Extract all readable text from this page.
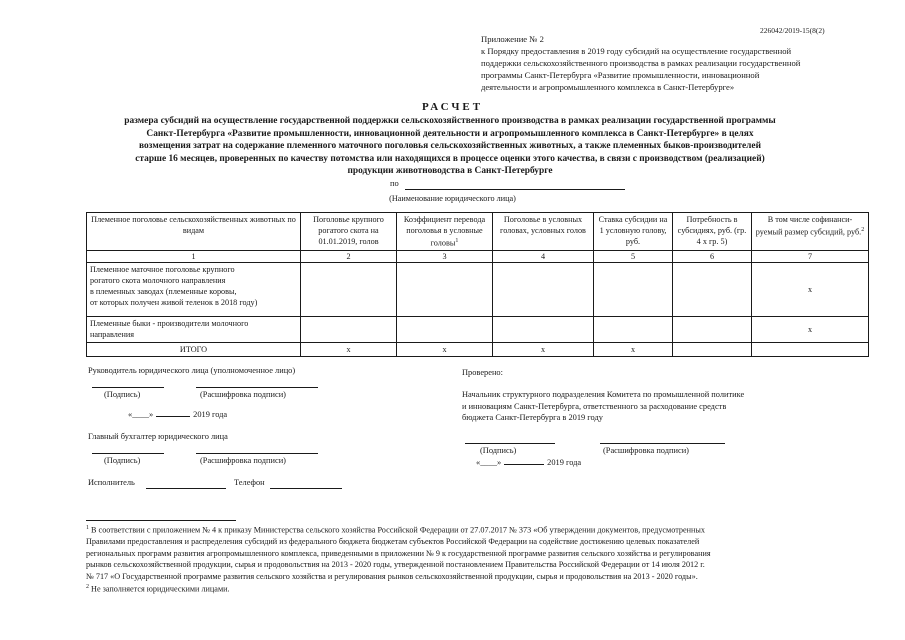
226042/2019-15(8(2)
Приложение № 2
к Порядку предоставления в 2019 году субсидий на осуществление государственной
поддержки сельскохозяйственного производства в рамках реализации государственной
программы Санкт-Петербурга «Развитие промышленности, инновационной
деятельности и агропромышленного комплекса в Санкт-Петербурге»
РАСЧЕТ
размера субсидий на осуществление государственной поддержки сельскохозяйственного производства в рамках реализации государственной программы
Санкт-Петербурга «Развитие промышленности, инновационной деятельности и агропромышленного комплекса в Санкт-Петербурге» в целях
возмещения затрат на содержание племенного маточного поголовья сельскохозяйственных животных, а также племенных быков-производителей
старше 16 месяцев, проверенных по качеству потомства или находящихся в процессе оценки этого качества, в связи с производством (реализацией)
продукции животноводства в Санкт-Петербурге
по
(Наименование юридического лица)
Племенное поголовье сельскохозяйственных животных по видам	Поголовье крупного рогатого скота на 01.01.2019, голов	Коэффициент перевода поголовья в условные головы$^1$	Поголовье в условных головах, условных голов	Ставка субсидии на 1 условную голову, руб.	Потребность в субсидиях, руб. (гр. 4 х гр. 5)	В том числе софинанси-руемый размер субсидий, руб.$^2$
1	2	3	4	5	6	7

Племенное маточное поголовье крупного
рогатого скота молочного направления
в племенных заводах (племенные коровы,
от которых получен живой теленок в 2018 году)						x

Племенные быки - производители молочного
направления						x
ИТОГО	x	x	x	x		
Руководитель юридического лица (уполномоченное лицо)
(Подпись)	(Расшифровка подписи)
«____»	2019 года
Главный бухгалтер юридического лица
(Подпись)	(Расшифровка подписи)
Исполнитель	Телефон
Проверено:
Начальник структурного подразделения Комитета по промышленной политике
и инновациям Санкт-Петербурга, ответственного за расходование средств
бюджета Санкт-Петербурга в 2019 году
(Подпись)	(Расшифровка подписи)
«____»	2019 года
$^1$ В соответствии с приложением № 4 к приказу Министерства сельского хозяйства Российской Федерации от 27.07.2017 № 373 «Об утверждении документов, предусмотренных
Правилами предоставления и распределения субсидий из федерального бюджета бюджетам субъектов Российской Федерации на содействие достижению целевых показателей
региональных программ развития агропромышленного комплекса, приведенными в приложении № 9 к государственной программе развития сельского хозяйства и регулирования
рынков сельскохозяйственной продукции, сырья и продовольствия на 2013 - 2020 годы, утвержденной постановлением Правительства Российской Федерации от 14 июля 2012 г.
№ 717 «О Государственной программе развития сельского хозяйства и регулирования рынков сельскохозяйственной продукции, сырья и продовольствия на 2013 - 2020 годы».
$^2$ Не заполняется юридическими лицами.
